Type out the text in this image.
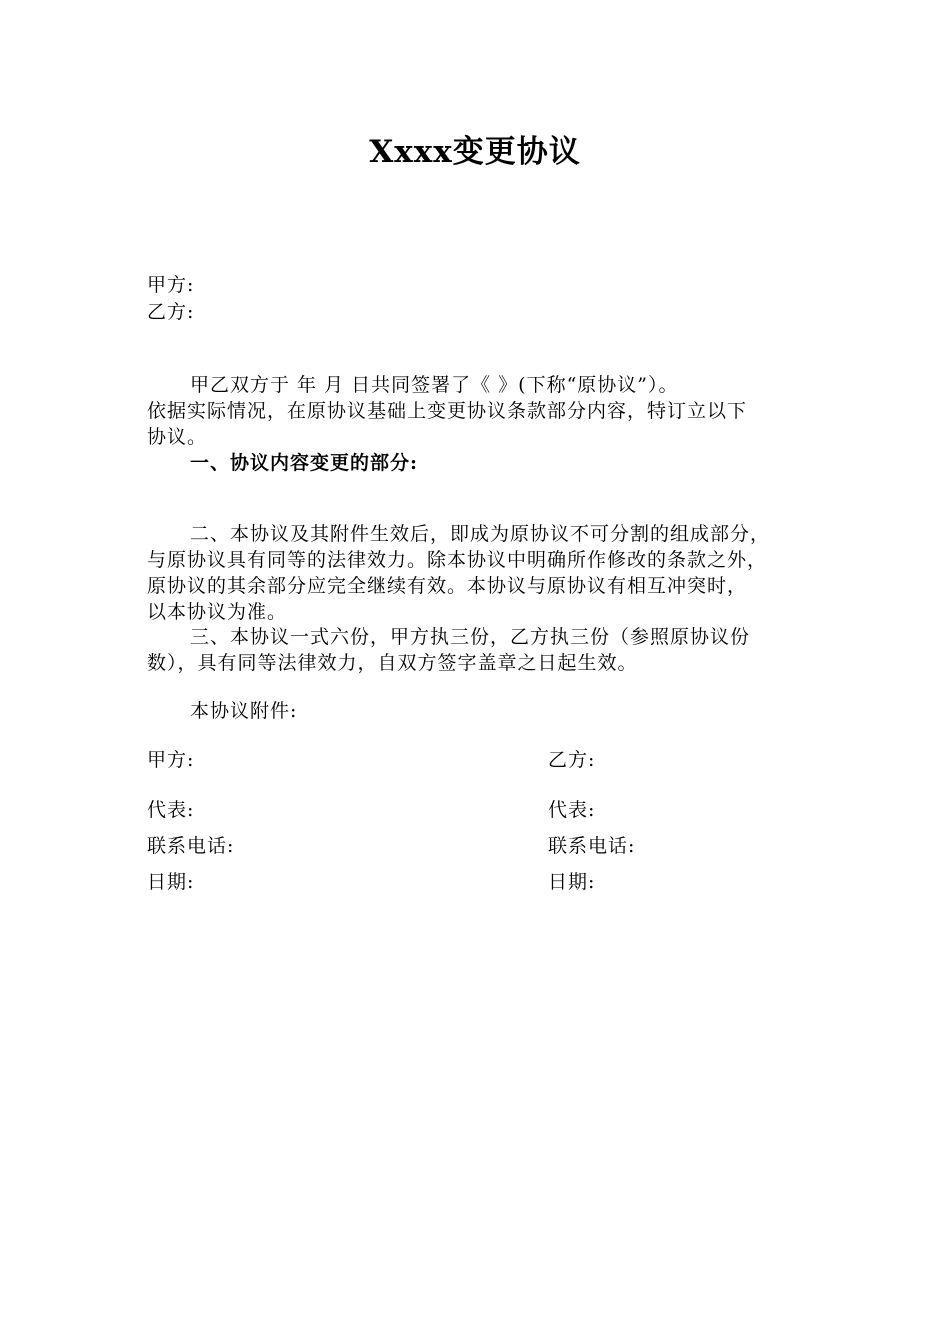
Xxxx变更协议
甲方:
乙方:
甲乙双方于 年 月 日共同签署了《 》(下称“原协议”）。
依据实际情况，在原协议基础上变更协议条款部分内容，特订立以下
协议。
一、协议内容变更的部分:
二、本协议及其附件生效后，即成为原协议不可分割的组成部分，
与原协议具有同等的法律效力。除本协议中明确所作修改的条款之外，
原协议的其余部分应完全继续有效。本协议与原协议有相互冲突时，
以本协议为准。
三、本协议一式六份，甲方执三份，乙方执三份（参照原协议份
数），具有同等法律效力，自双方签字盖章之日起生效。
本协议附件:
甲方:	乙方:
代表:	代表:
联系电话:	联系电话:
日期:	日期:
